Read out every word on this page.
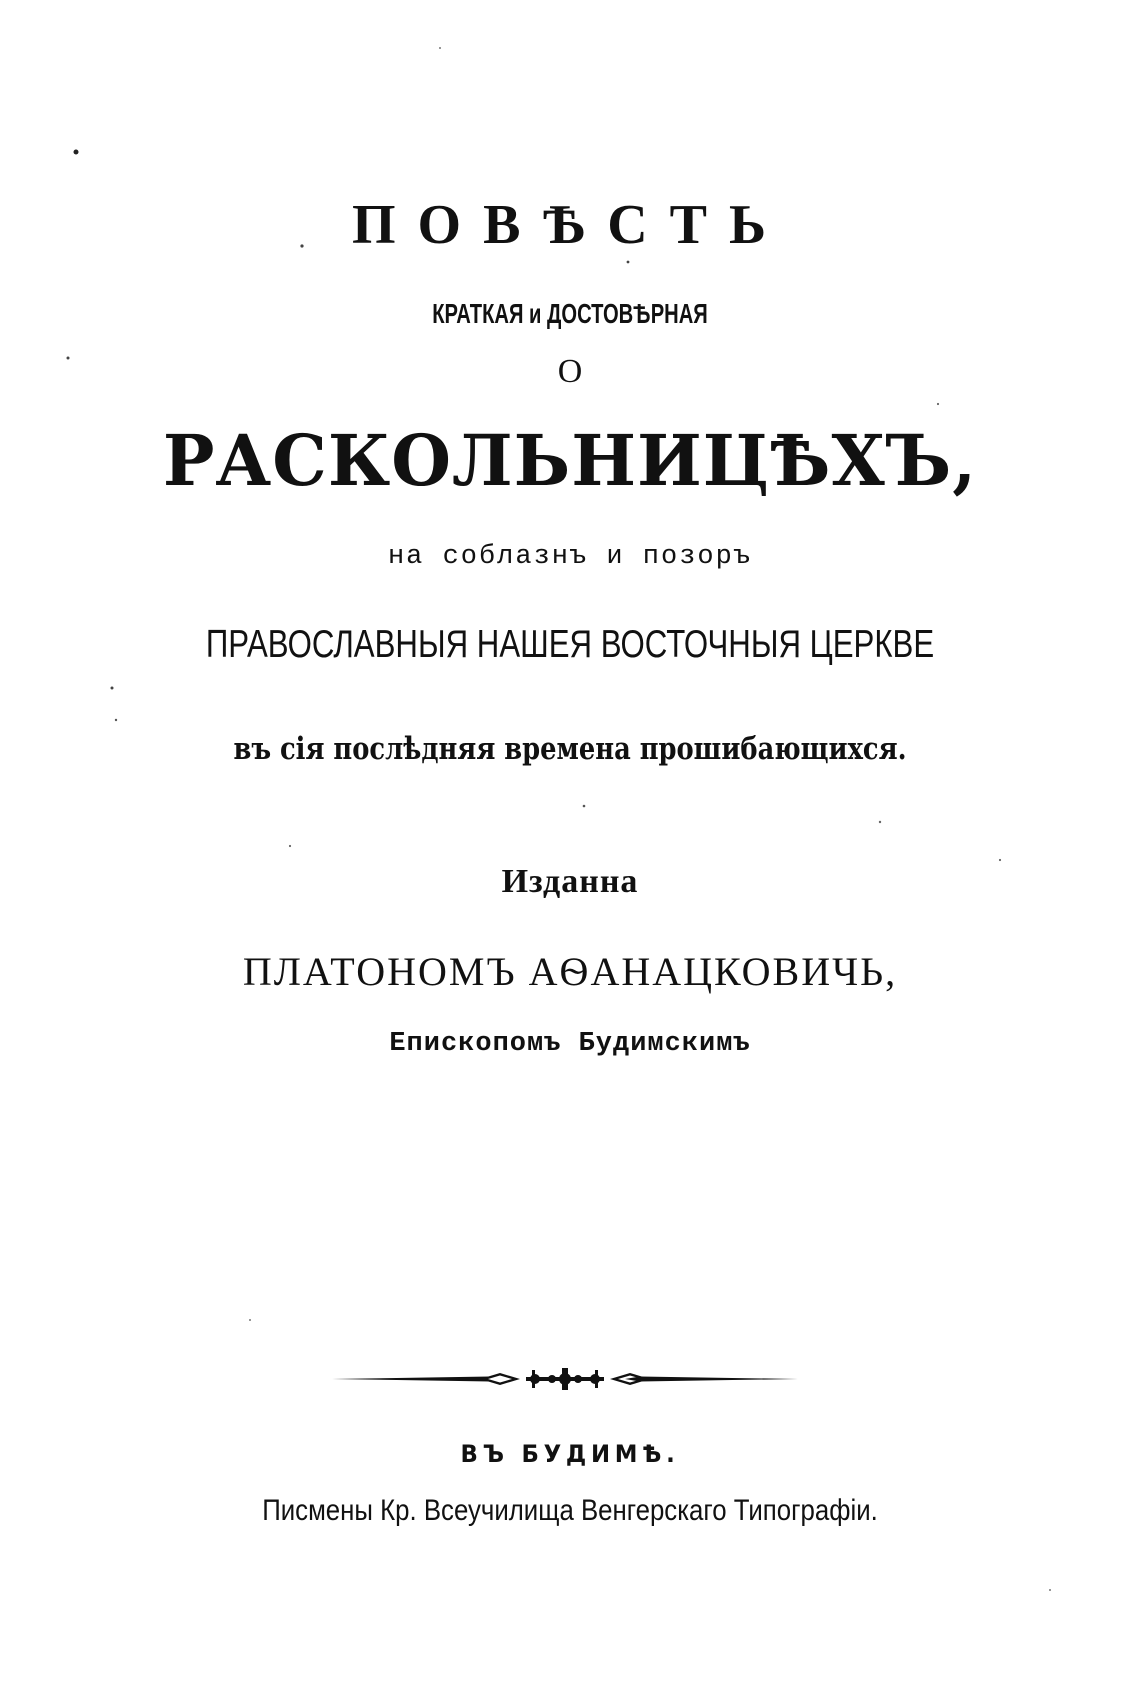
ПОВѢСТЬ
КРАТКАЯ и ДОСТОВѢРНАЯ
О
РАСКОЛЬНИЦѢХЪ,
на соблазнъ и позоръ
ПРАВОСЛАВНЫЯ НАШЕЯ ВОСТОЧНЫЯ ЦЕРКВЕ
въ сія послѣдняя времена прошибающихся.
Изданна
ПЛАТОНОМЪ АѲАНАЦКОВИЧЬ,
Епископомъ Будимскимъ
ВЪ БУДИМѢ.
Писмены Кр. Всеучилища Венгерскаго Типографіи.
